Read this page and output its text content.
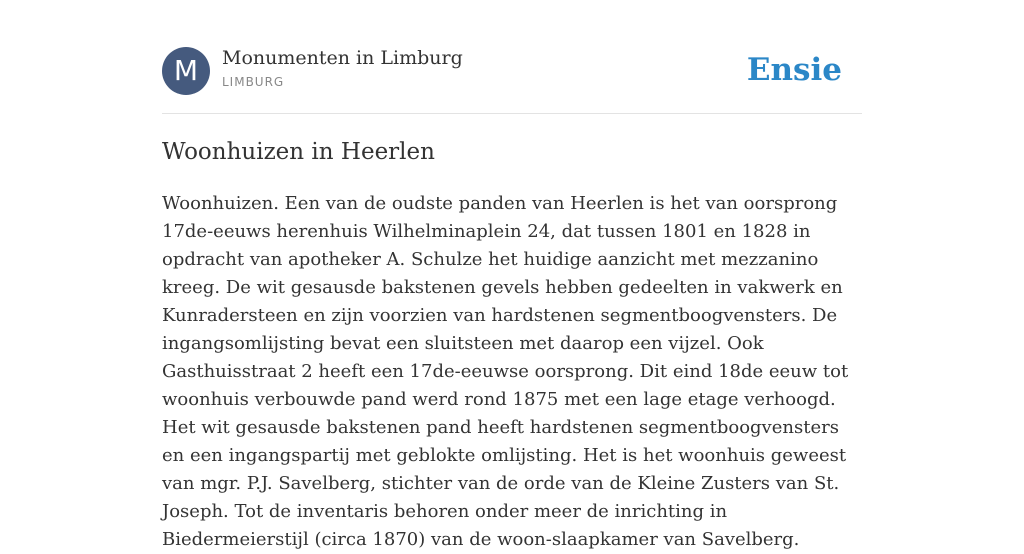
M	Monumenten in Limburg
LIMBURG	Ensie
Woonhuizen in Heerlen

Woonhuizen. Een van de oudste panden van Heerlen is het van oorsprong 17de-eeuws herenhuis Wilhelminaplein 24, dat tussen 1801 en 1828 in opdracht van apotheker A. Schulze het huidige aanzicht met mezzanino kreeg. De wit gesausde bakstenen gevels hebben gedeelten in vakwerk en Kunradersteen en zijn voorzien van hardstenen segmentboogvensters. De ingangsomlijsting bevat een sluitsteen met daarop een vijzel. Ook Gasthuisstraat 2 heeft een 17de-eeuwse oorsprong. Dit eind 18de eeuw tot woonhuis verbouwde pand werd rond 1875 met een lage etage verhoogd. Het wit gesausde bakstenen pand heeft hardstenen segmentboogvensters en een ingangspartij met geblokte omlijsting. Het is het woonhuis geweest van mgr. P.J. Savelberg, stichter van de orde van de Kleine Zusters van St. Joseph. Tot de inventaris behoren onder meer de inrichting in Biedermeierstijl (circa 1870) van de woon-slaapkamer van Savelberg.
